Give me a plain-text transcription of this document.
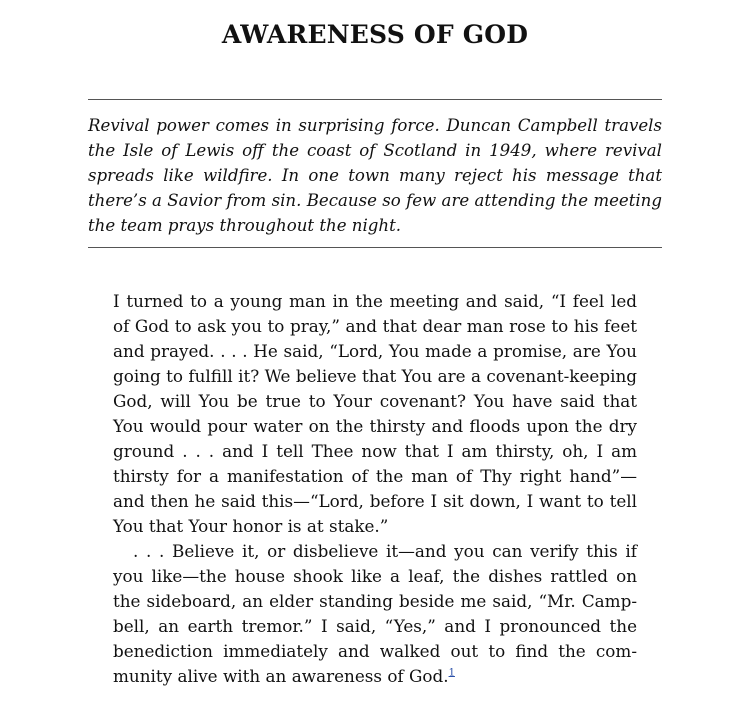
AWARENESS OF GOD
Revival power comes in surprising force. Duncan Campbell travels the Isle of Lewis off the coast of Scotland in 1949, where revival spreads like wildfire. In one town many reject his message that there’s a Savior from sin. Because so few are attending the meeting the team prays throughout the night.

I turned to a young man in the meeting and said, “I feel led of God to ask you to pray,” and that dear man rose to his feet and prayed. . . . He said, “Lord, You made a promise, are You going to fulfill it? We believe that You are a covenant-keeping God, will You be true to Your covenant? You have said that You would pour water on the thirsty and floods upon the dry ground . . . and I tell Thee now that I am thirsty, oh, I am thirsty for a manifestation of the man of Thy right hand”—and then he said this—“Lord, before I sit down, I want to tell You that Your honor is at stake.”

. . . Believe it, or disbelieve it—and you can verify this if you like—the house shook like a leaf, the dishes rattled on the sideboard, an elder standing beside me said, “Mr. Campbell, an earth tremor.” I said, “Yes,” and I pronounced the benediction immediately and walked out to find the community alive with an awareness of God.$^1$
